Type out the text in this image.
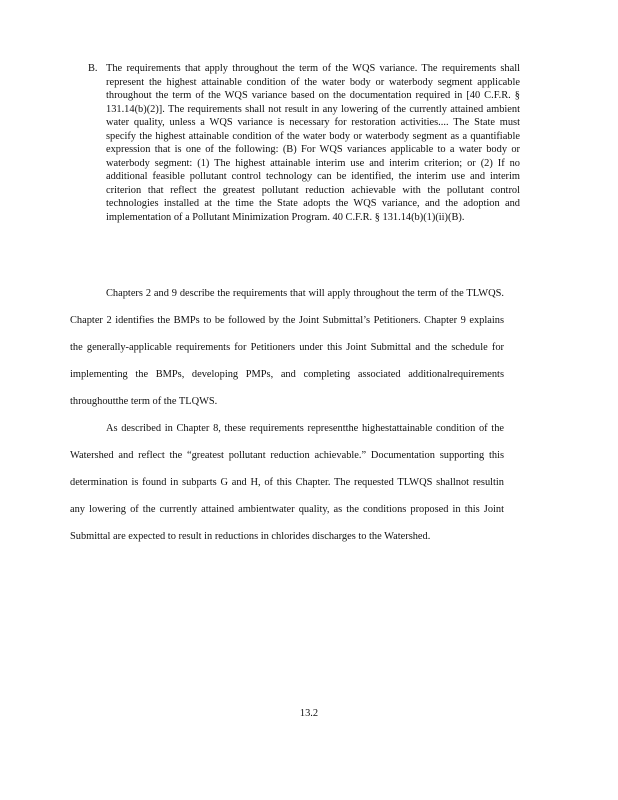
B. The requirements that apply throughout the term of the WQS variance. The requirements shall represent the highest attainable condition of the water body or waterbody segment applicable throughout the term of the WQS variance based on the documentation required in [40 C.F.R. § 131.14(b)(2)]. The requirements shall not result in any lowering of the currently attained ambient water quality, unless a WQS variance is necessary for restoration activities.... The State must specify the highest attainable condition of the water body or waterbody segment as a quantifiable expression that is one of the following: (B) For WQS variances applicable to a water body or waterbody segment: (1) The highest attainable interim use and interim criterion; or (2) If no additional feasible pollutant control technology can be identified, the interim use and interim criterion that reflect the greatest pollutant reduction achievable with the pollutant control technologies installed at the time the State adopts the WQS variance, and the adoption and implementation of a Pollutant Minimization Program. 40 C.F.R. § 131.14(b)(1)(ii)(B).

Chapters 2 and 9 describe the requirements that will apply throughout the term of the TLWQS. Chapter 2 identifies the BMPs to be followed by the Joint Submittal’s Petitioners. Chapter 9 explains the generally-applicable requirements for Petitioners under this Joint Submittal and the schedule for implementing the BMPs, developing PMPs, and completing associated additionalrequirements throughoutthe term of the TLQWS.

As described in Chapter 8, these requirements representthe highestattainable condition of the Watershed and reflect the “greatest pollutant reduction achievable.” Documentation supporting this determination is found in subparts G and H, of this Chapter. The requested TLWQS shallnot resultin any lowering of the currently attained ambientwater quality, as the conditions proposed in this Joint Submittal are expected to result in reductions in chlorides discharges to the Watershed.

13.2
